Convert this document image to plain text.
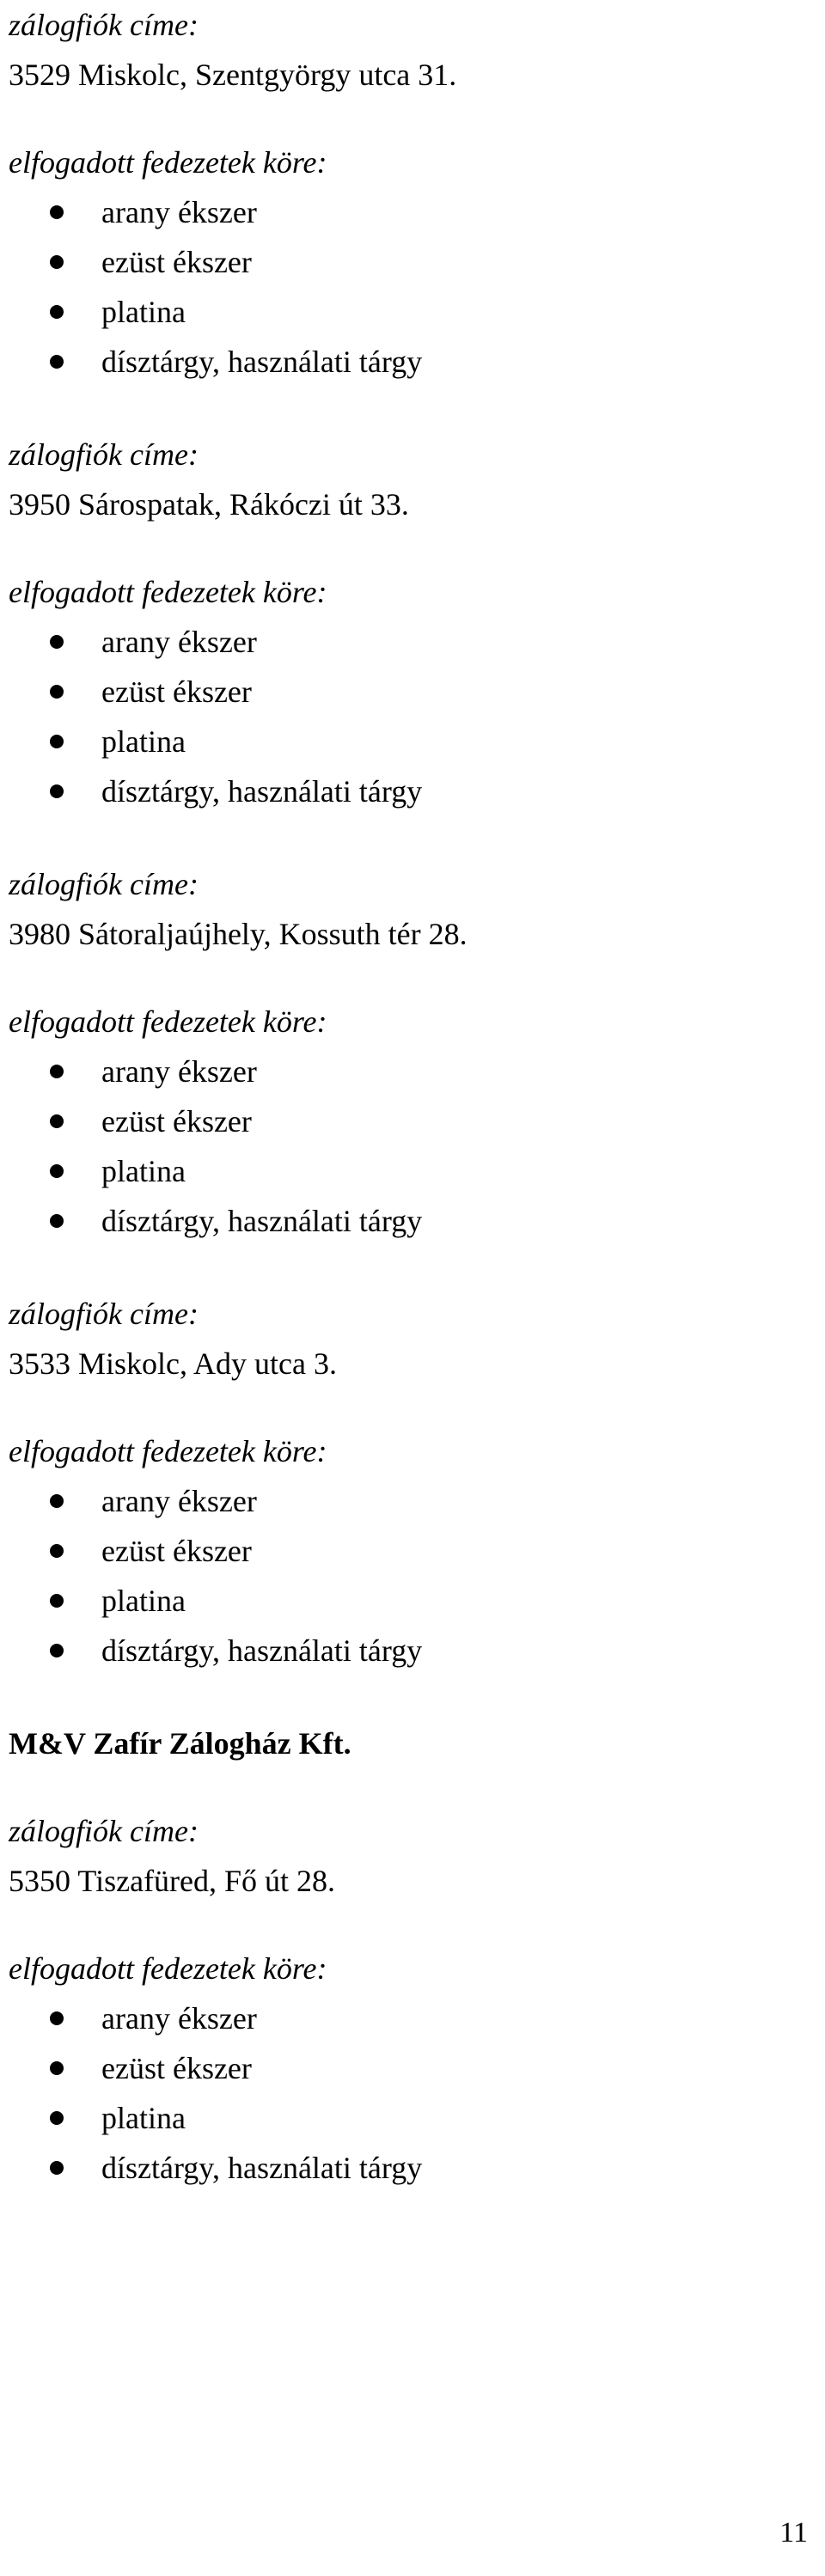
zálogfiók címe:

3529 Miskolc, Szentgyörgy utca 31.

elfogadott fedezetek köre:

arany ékszer
ezüst ékszer
platina
dísztárgy, használati tárgy

zálogfiók címe:

3950 Sárospatak, Rákóczi út 33.

elfogadott fedezetek köre:

arany ékszer
ezüst ékszer
platina
dísztárgy, használati tárgy

zálogfiók címe:

3980 Sátoraljaújhely, Kossuth tér 28.

elfogadott fedezetek köre:

arany ékszer
ezüst ékszer
platina
dísztárgy, használati tárgy

zálogfiók címe:

3533 Miskolc, Ady utca 3.

elfogadott fedezetek köre:

arany ékszer
ezüst ékszer
platina
dísztárgy, használati tárgy

M&V Zafír Zálogház Kft.

zálogfiók címe:

5350 Tiszafüred, Fő út 28.

elfogadott fedezetek köre:

arany ékszer
ezüst ékszer
platina
dísztárgy, használati tárgy
11
